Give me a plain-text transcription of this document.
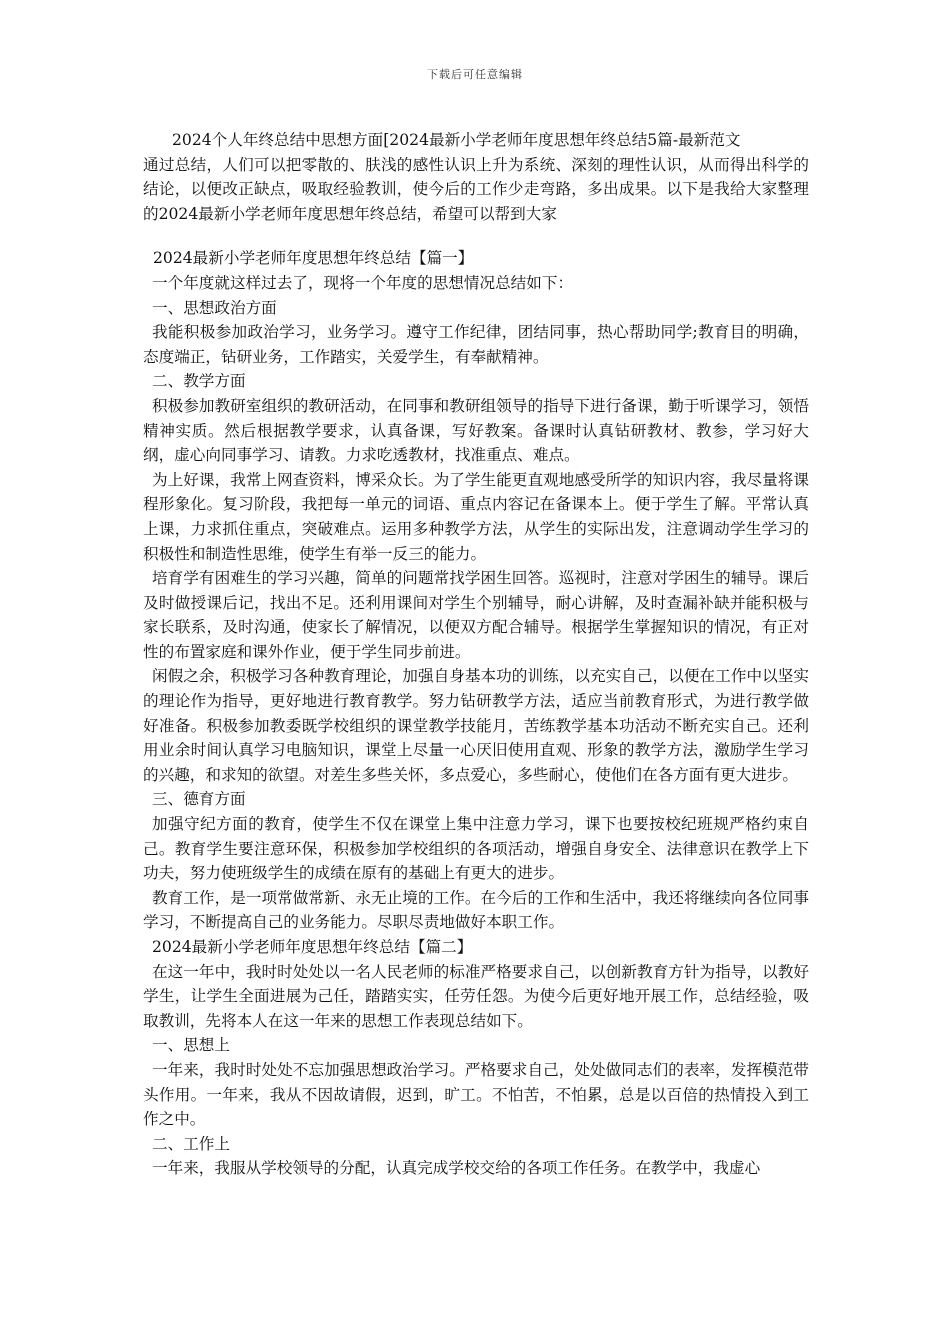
下载后可任意编辑

2024个人年终总结中思想方面[2024最新小学老师年度思想年终总结5篇-最新范文

通过总结，人们可以把零散的、肤浅的感性认识上升为系统、深刻的理性认识，从而得出科学的结论，以便改正缺点，吸取经验教训，使今后的工作少走弯路，多出成果。以下是我给大家整理的2024最新小学老师年度思想年终总结，希望可以帮到大家

2024最新小学老师年度思想年终总结【篇一】

一个年度就这样过去了，现将一个年度的思想情况总结如下：

一、思想政治方面

我能积极参加政治学习，业务学习。遵守工作纪律，团结同事，热心帮助同学;教育目的明确，态度端正，钻研业务，工作踏实，关爱学生，有奉献精神。

二、教学方面

积极参加教研室组织的教研活动，在同事和教研组领导的指导下进行备课，勤于听课学习，领悟精神实质。然后根据教学要求，认真备课，写好教案。备课时认真钻研教材、教参，学习好大纲，虚心向同事学习、请教。力求吃透教材，找准重点、难点。

为上好课，我常上网查资料，博采众长。为了学生能更直观地感受所学的知识内容，我尽量将课程形象化。复习阶段，我把每一单元的词语、重点内容记在备课本上。便于学生了解。平常认真上课，力求抓住重点，突破难点。运用多种教学方法，从学生的实际出发，注意调动学生学习的积极性和制造性思维，使学生有举一反三的能力。

培育学有困难生的学习兴趣，简单的问题常找学困生回答。巡视时，注意对学困生的辅导。课后及时做授课后记，找出不足。还利用课间对学生个别辅导，耐心讲解，及时查漏补缺并能积极与家长联系，及时沟通，使家长了解情况，以便双方配合辅导。根据学生掌握知识的情况，有正对性的布置家庭和课外作业，便于学生同步前进。

闲假之余，积极学习各种教育理论，加强自身基本功的训练，以充实自己，以便在工作中以坚实的理论作为指导，更好地进行教育教学。努力钻研教学方法，适应当前教育形式，为进行教学做好准备。积极参加教委既学校组织的课堂教学技能月，苦练教学基本功活动不断充实自己。还利用业余时间认真学习电脑知识，课堂上尽量一心厌旧使用直观、形象的教学方法，激励学生学习的兴趣，和求知的欲望。对差生多些关怀，多点爱心，多些耐心，使他们在各方面有更大进步。

三、德育方面

加强守纪方面的教育，使学生不仅在课堂上集中注意力学习，课下也要按校纪班规严格约束自己。教育学生要注意环保，积极参加学校组织的各项活动，增强自身安全、法律意识在教学上下功夫，努力使班级学生的成绩在原有的基础上有更大的进步。

教育工作，是一项常做常新、永无止境的工作。在今后的工作和生活中，我还将继续向各位同事学习，不断提高自己的业务能力。尽职尽责地做好本职工作。

2024最新小学老师年度思想年终总结【篇二】

在这一年中，我时时处处以一名人民老师的标准严格要求自己，以创新教育方针为指导，以教好学生，让学生全面进展为己任，踏踏实实，任劳任怨。为使今后更好地开展工作，总结经验，吸取教训，先将本人在这一年来的思想工作表现总结如下。

一、思想上

一年来，我时时处处不忘加强思想政治学习。严格要求自己，处处做同志们的表率，发挥模范带头作用。一年来，我从不因故请假，迟到，旷工。不怕苦，不怕累，总是以百倍的热情投入到工作之中。

二、工作上

一年来，我服从学校领导的分配，认真完成学校交给的各项工作任务。在教学中，我虚心
